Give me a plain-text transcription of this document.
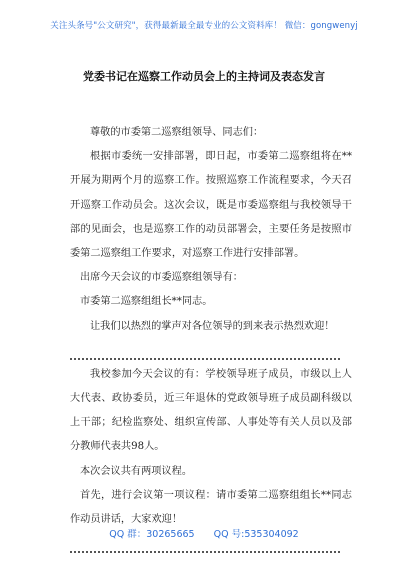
关注头条号"公文研究"，获得最新最全最专业的公文资料库！ 微信：gongwenyj
党委书记在巡察工作动员会上的主持词及表态发言

尊敬的市委第二巡察组领导、同志们：

根据市委统一安排部署，即日起，市委第二巡察组将在**开展为期两个月的巡察工作。按照巡察工作流程要求，今天召开巡察工作动员会。这次会议，既是市委巡察组与我校领导干部的见面会，也是巡察工作的动员部署会，主要任务是按照市委第二巡察组工作要求，对巡察工作进行安排部署。

出席今天会议的市委巡察组领导有：

市委第二巡察组组长**同志。

让我们以热烈的掌声对各位领导的到来表示热烈欢迎！

我校参加今天会议的有：学校领导班子成员，市级以上人大代表、政协委员，近三年退休的党政领导班子成员副科级以上干部；纪检监察处、组织宣传部、人事处等有关人员以及部分教师代表共98人。

本次会议共有两项议程。

首先，进行会议第一项议程：请市委第二巡察组组长**同志作动员讲话，大家欢迎！

QQ 群：30265665 QQ 号:535304092
